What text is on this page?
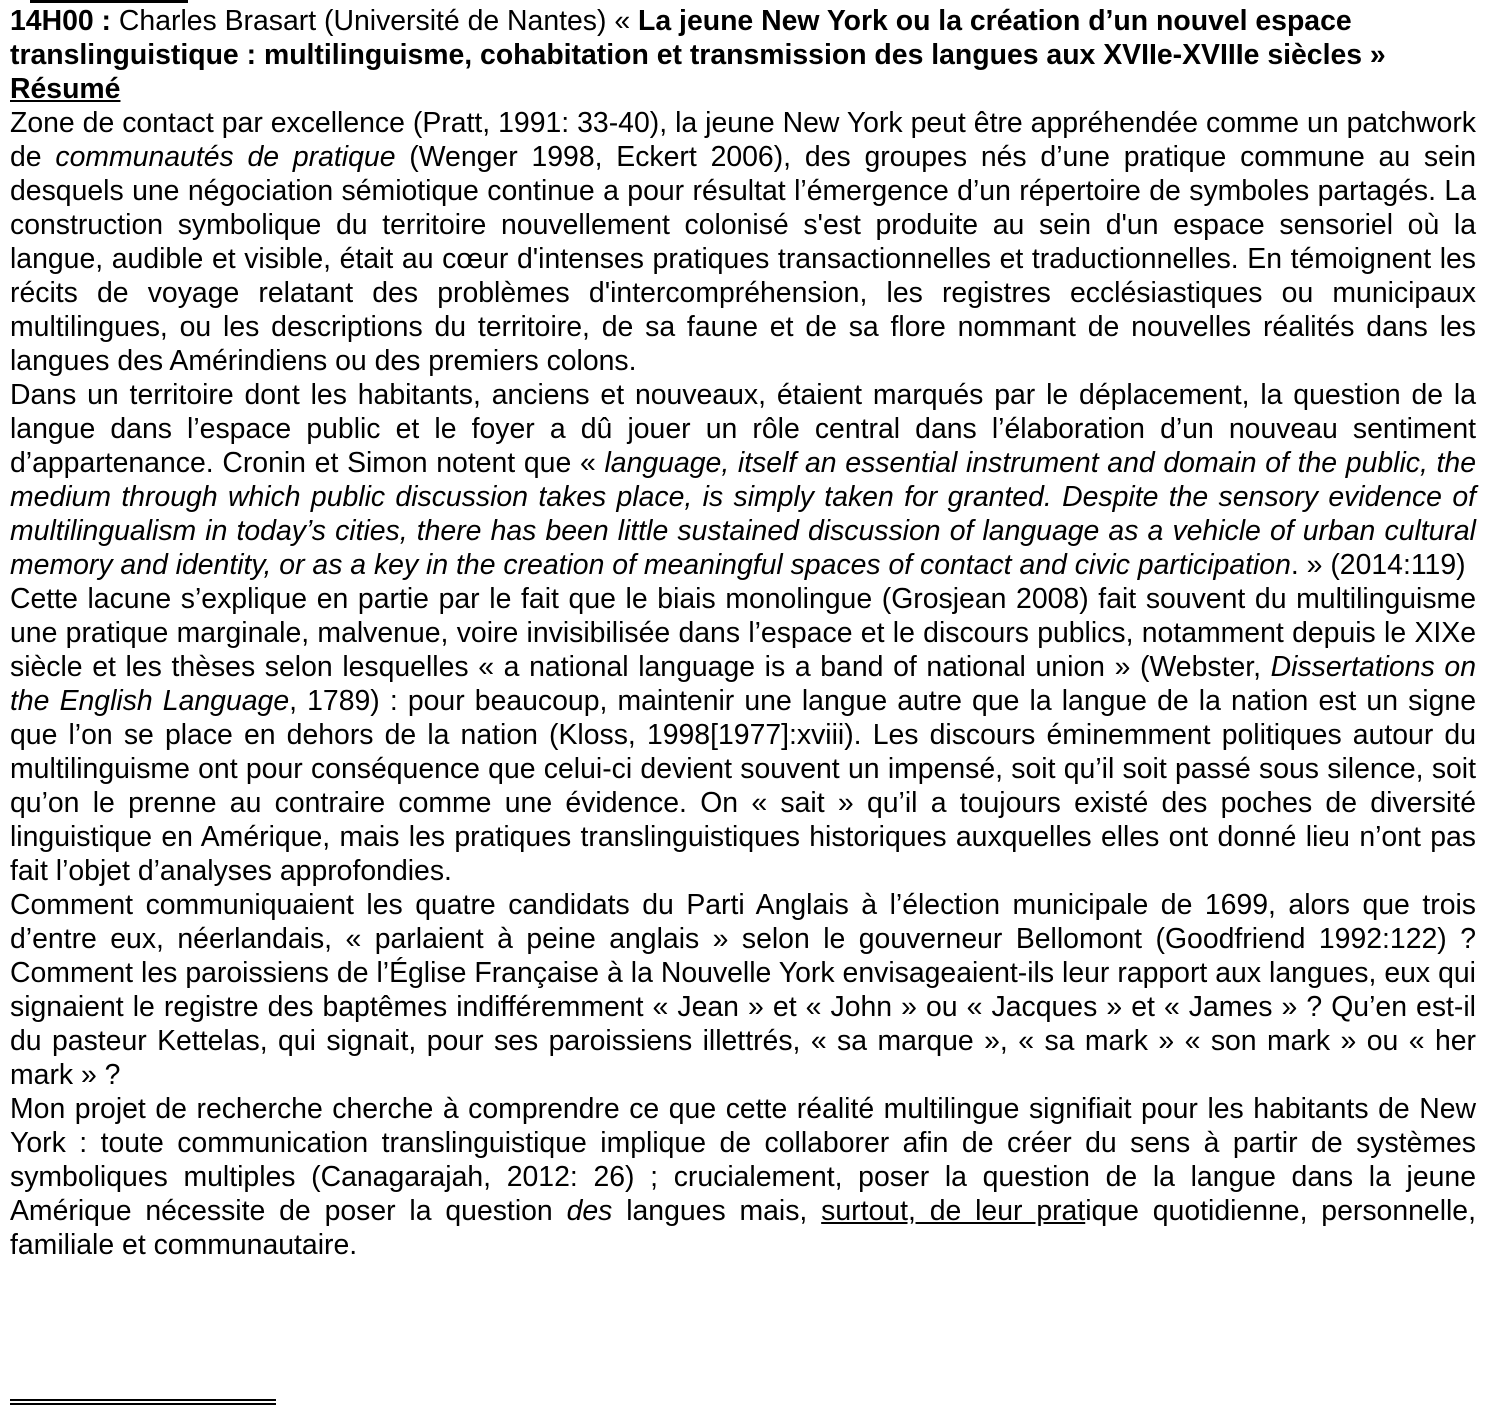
14H00 : Charles Brasart (Université de Nantes) « La jeune New York ou la création d’un nouvel espace translinguistique : multilinguisme, cohabitation et transmission des langues aux XVIIe-XVIIIe siècles »

Résumé

Zone de contact par excellence (Pratt, 1991: 33-40), la jeune New York peut être appréhendée comme un patchwork de communautés de pratique (Wenger 1998, Eckert 2006), des groupes nés d’une pratique commune au sein desquels une négociation sémiotique continue a pour résultat l’émergence d’un répertoire de symboles partagés. La construction symbolique du territoire nouvellement colonisé s'est produite au sein d'un espace sensoriel où la langue, audible et visible, était au cœur d'intenses pratiques transactionnelles et traductionnelles. En témoignent les récits de voyage relatant des problèmes d'intercompréhension, les registres ecclésiastiques ou municipaux multilingues, ou les descriptions du territoire, de sa faune et de sa flore nommant de nouvelles réalités dans les langues des Amérindiens ou des premiers colons.

Dans un territoire dont les habitants, anciens et nouveaux, étaient marqués par le déplacement, la question de la langue dans l’espace public et le foyer a dû jouer un rôle central dans l’élaboration d’un nouveau sentiment d’appartenance. Cronin et Simon notent que « language, itself an essential instrument and domain of the public, the medium through which public discussion takes place, is simply taken for granted. Despite the sensory evidence of multilingualism in today’s cities, there has been little sustained discussion of language as a vehicle of urban cultural memory and identity, or as a key in the creation of meaningful spaces of contact and civic participation. » (2014:119)

Cette lacune s’explique en partie par le fait que le biais monolingue (Grosjean 2008) fait souvent du multilinguisme une pratique marginale, malvenue, voire invisibilisée dans l’espace et le discours publics, notamment depuis le XIXe siècle et les thèses selon lesquelles « a national language is a band of national union » (Webster, Dissertations on the English Language, 1789) : pour beaucoup, maintenir une langue autre que la langue de la nation est un signe que l’on se place en dehors de la nation (Kloss, 1998[1977]:xviii). Les discours éminemment politiques autour du multilinguisme ont pour conséquence que celui-ci devient souvent un impensé, soit qu’il soit passé sous silence, soit qu’on le prenne au contraire comme une évidence. On « sait » qu’il a toujours existé des poches de diversité linguistique en Amérique, mais les pratiques translinguistiques historiques auxquelles elles ont donné lieu n’ont pas fait l’objet d’analyses approfondies.

Comment communiquaient les quatre candidats du Parti Anglais à l’élection municipale de 1699, alors que trois d’entre eux, néerlandais, « parlaient à peine anglais » selon le gouverneur Bellomont (Goodfriend 1992:122) ? Comment les paroissiens de l’Église Française à la Nouvelle York envisageaient-ils leur rapport aux langues, eux qui signaient le registre des baptêmes indifféremment « Jean » et « John » ou « Jacques » et « James » ? Qu’en est-il du pasteur Kettelas, qui signait, pour ses paroissiens illettrés, « sa marque », « sa mark » « son mark » ou « her mark » ?

Mon projet de recherche cherche à comprendre ce que cette réalité multilingue signifiait pour les habitants de New York : toute communication translinguistique implique de collaborer afin de créer du sens à partir de systèmes symboliques multiples (Canagarajah, 2012: 26) ; crucialement, poser la question de la langue dans la jeune Amérique nécessite de poser la question des langues mais, surtout, de leur pratique quotidienne, personnelle, familiale et communautaire.
